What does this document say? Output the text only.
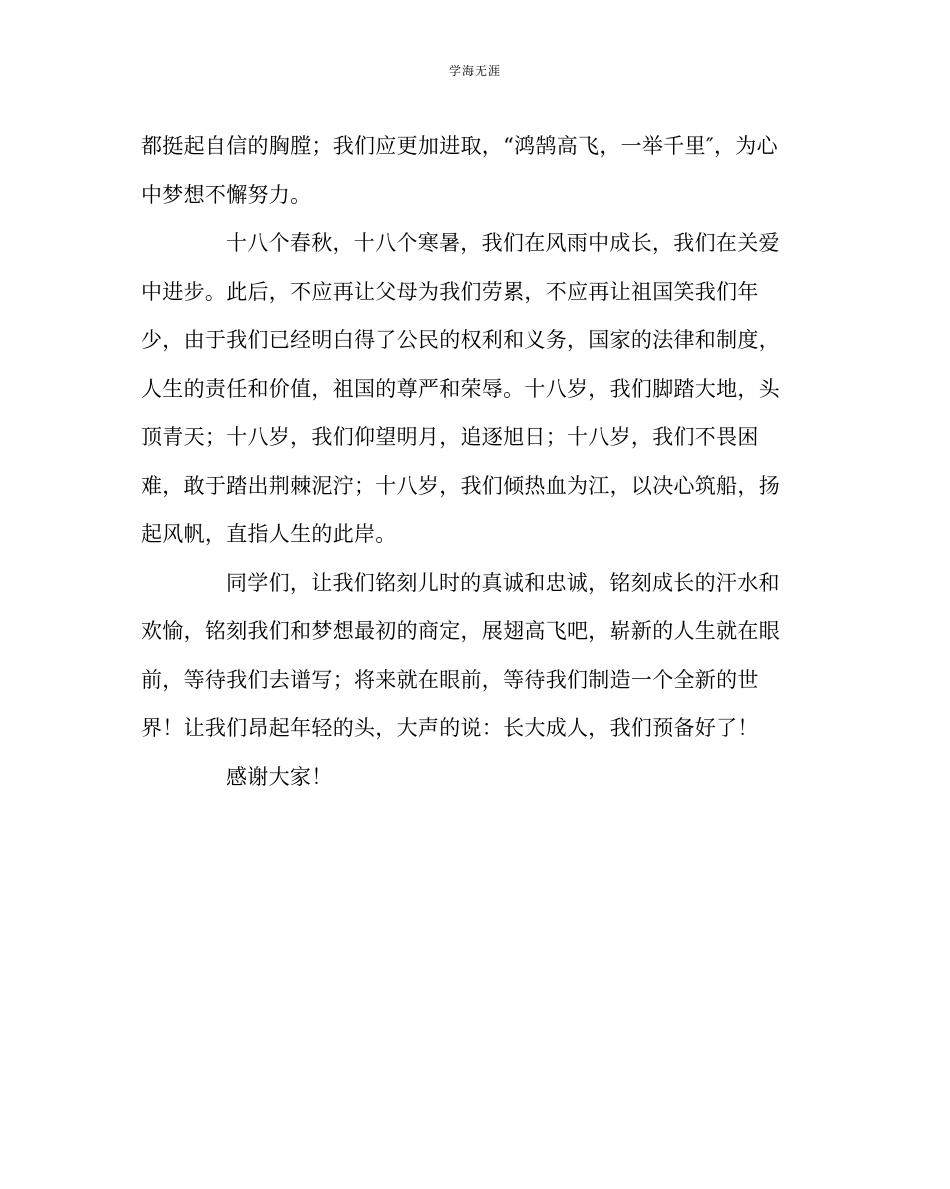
学海无涯
都挺起自信的胸膛；我们应更加进取，“鸿鹄高飞，一举千里″，为心
中梦想不懈努力。
十八个春秋，十八个寒暑，我们在风雨中成长，我们在关爱
中进步。此后，不应再让父母为我们劳累，不应再让祖国笑我们年
少，由于我们已经明白得了公民的权利和义务，国家的法律和制度，
人生的责任和价值，祖国的尊严和荣辱。十八岁，我们脚踏大地，头
顶青天；十八岁，我们仰望明月，追逐旭日；十八岁，我们不畏困
难，敢于踏出荆棘泥泞；十八岁，我们倾热血为江，以决心筑船，扬
起风帆，直指人生的此岸。
同学们，让我们铭刻儿时的真诚和忠诚，铭刻成长的汗水和
欢愉，铭刻我们和梦想最初的商定，展翅高飞吧，崭新的人生就在眼
前，等待我们去谱写；将来就在眼前，等待我们制造一个全新的世
界！让我们昂起年轻的头，大声的说：长大成人，我们预备好了！
感谢大家！
